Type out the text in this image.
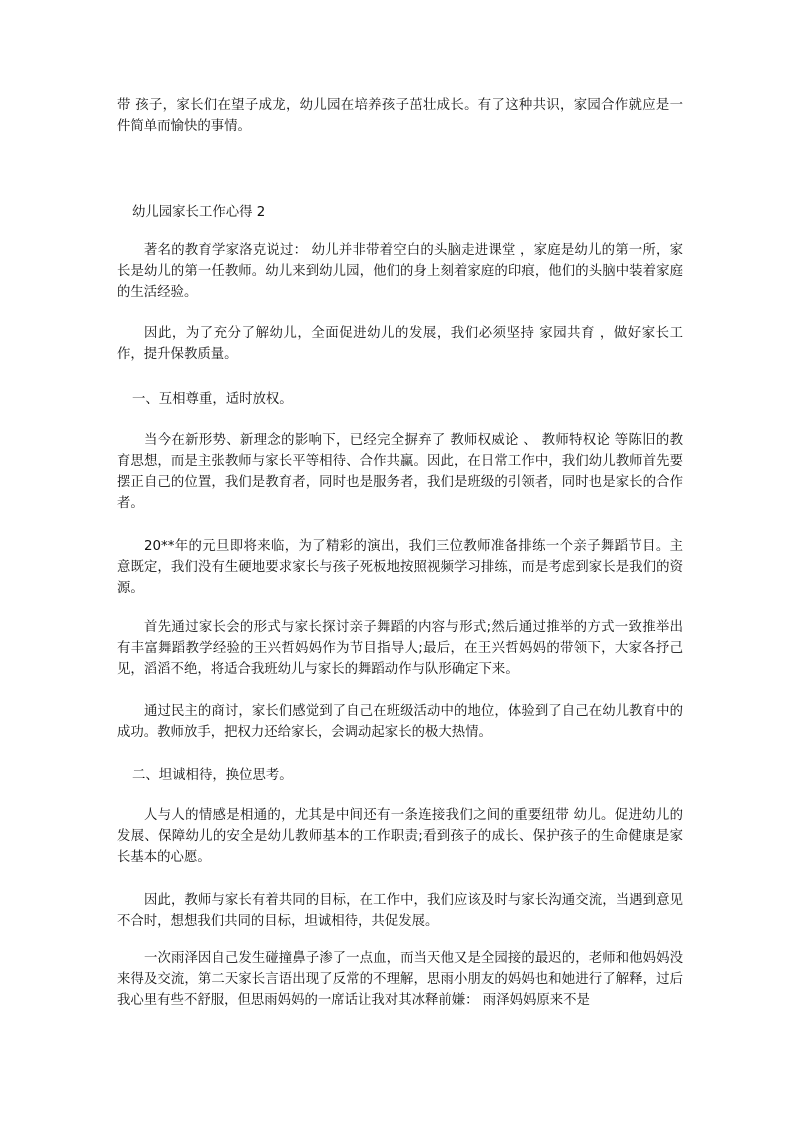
带 孩子，家长们在望子成龙，幼儿园在培养孩子茁壮成长。有了这种共识，家园合作就应是一件简单而愉快的事情。
幼儿园家长工作心得 2
著名的教育学家洛克说过： 幼儿并非带着空白的头脑走进课堂 ，家庭是幼儿的第一所，家长是幼儿的第一任教师。幼儿来到幼儿园，他们的身上刻着家庭的印痕，他们的头脑中装着家庭的生活经验。
因此，为了充分了解幼儿，全面促进幼儿的发展，我们必须坚持 家园共育 ，做好家长工作，提升保教质量。
一、互相尊重，适时放权。
当今在新形势、新理念的影响下，已经完全摒弃了 教师权威论 、 教师特权论 等陈旧的教育思想，而是主张教师与家长平等相待、合作共赢。因此，在日常工作中，我们幼儿教师首先要摆正自己的位置，我们是教育者，同时也是服务者，我们是班级的引领者，同时也是家长的合作者。
20**年的元旦即将来临，为了精彩的演出，我们三位教师准备排练一个亲子舞蹈节目。主意既定，我们没有生硬地要求家长与孩子死板地按照视频学习排练，而是考虑到家长是我们的资源。
首先通过家长会的形式与家长探讨亲子舞蹈的内容与形式;然后通过推举的方式一致推举出有丰富舞蹈教学经验的王兴哲妈妈作为节目指导人;最后，在王兴哲妈妈的带领下，大家各抒己见，滔滔不绝，将适合我班幼儿与家长的舞蹈动作与队形确定下来。
通过民主的商讨，家长们感觉到了自己在班级活动中的地位，体验到了自己在幼儿教育中的成功。教师放手，把权力还给家长，会调动起家长的极大热情。
二、坦诚相待，换位思考。
人与人的情感是相通的，尤其是中间还有一条连接我们之间的重要纽带 幼儿。促进幼儿的发展、保障幼儿的安全是幼儿教师基本的工作职责;看到孩子的成长、保护孩子的生命健康是家长基本的心愿。
因此，教师与家长有着共同的目标，在工作中，我们应该及时与家长沟通交流，当遇到意见不合时，想想我们共同的目标，坦诚相待，共促发展。
一次雨泽因自己发生碰撞鼻子渗了一点血，而当天他又是全园接的最迟的，老师和他妈妈没来得及交流，第二天家长言语出现了反常的不理解，思雨小朋友的妈妈也和她进行了解释，过后我心里有些不舒服，但思雨妈妈的一席话让我对其冰释前嫌： 雨泽妈妈原来不是
